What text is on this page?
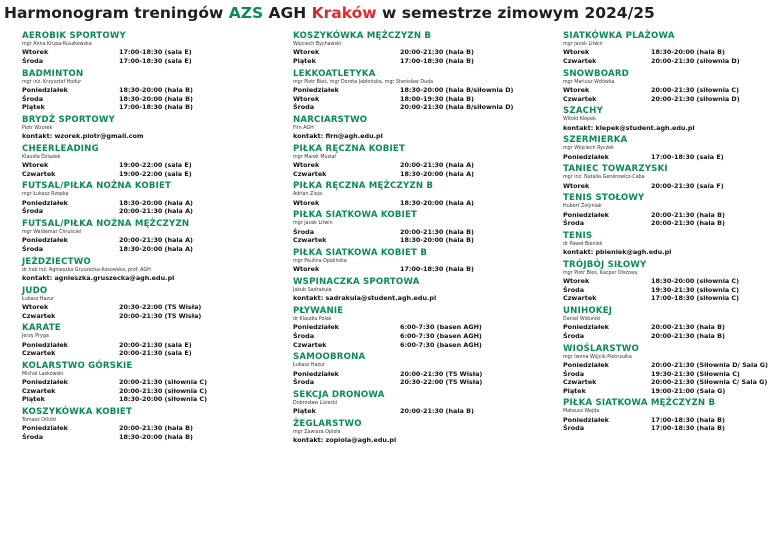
Harmonogram treningów AZS AGH Kraków w semestrze zimowym 2024/25
AEROBIK SPORTOWY
mgr Anna Krupa-Ruszkowska
Wtorek	17:00-18:30 (sala E)
Środa	17:00-18:30 (sala E)
BADMINTON
mgr inż. Krzysztof Hodur
Poniedziałek	18:30-20:00 (hala B)
Środa	18:30-20:00 (hala B)
Piątek	17:00-18:30 (hala B)
BRYDŻ SPORTOWY
Piotr Wzorek
kontakt: wzorek.piotr@gmail.com
CHEERLEADING
Klaudia Dziadek
Wtorek	19:00-22:00 (sala E)
Czwartek	19:00-22:00 (sala E)
FUTSAL/PIŁKA NOŻNA KOBIET
mgr Łukasz Rzepka
Poniedziałek	18:30-20:00 (hala A)
Środa	20:00-21:30 (hala A)
FUTSAL/PIŁKA NOŻNA MĘŻCZYZN
mgr Waldemar Chruściel
Poniedziałek	20:00-21:30 (hala A)
Środa	18:30-20:00 (hala A)
JEŹDZIECTWO
dr hab inż. Agnieszka Gruszecka-Kosowska, prof. AGH
kontakt: agnieszka.gruszecka@agh.edu.pl
JUDO
Łukasz Hazur
Wtorek	20:30-22:00 (TS Wisła)
Czwartek	20:00-21:30 (TS Wisła)
KARATE
Jerzy Pryga
Poniedziałek	20:00-21:30 (sala E)
Czwartek	20:00-21:30 (sala E)
KOLARSTWO GÓRSKIE
Michał Laskowski
Poniedziałek	20:00-21:30 (siłownia C)
Czwartek	20:00-21:30 (siłownia C)
Piątek	18:30-20:00 (siłownia C)
KOSZYKÓWKA KOBIET
Tomasz Orlicki
Poniedziałek	20:00-21:30 (hala B)
Środa	18:30-20:00 (hala B)
KOSZYKÓWKA MĘŻCZYZN B
Wojciech Bychawski
Wtorek	20:00-21:30 (hala B)
Piątek	17:00-18:30 (hala B)
LEKKOATLETYKA
mgr Piotr Bieś, mgr Dorota Jabłońska, mgr Stanisław Duda
Poniedziałek	18:30-20:00 (hala B/siłownia D)
Wtorek	18:00-19:30 (hala B)
Środa	20:00-21:30 (hala B/siłownia D)
NARCIARSTWO
Firn AGH
kontakt: firn@agh.edu.pl
PIŁKA RĘCZNA KOBIET
mgr Marek Musiał
Wtorek	20:00-21:30 (hala A)
Czwartek	18:30-20:00 (hala A)
PIŁKA RĘCZNA MĘŻCZYZN B
Adrian Zioja
Wtorek	18:30-20:00 (hala A)
PIŁKA SIATKOWA KOBIET
mgr Jacek Litwin
Środa	20:00-21:30 (hala B)
Czwartek	18:30-20:00 (hala B)
PIŁKA SIATKOWA KOBIET B
mgr Paulina Opalińska
Wtorek	17:00-18:30 (hala B)
WSPINACZKA SPORTOWA
Jakub Sadrakuła
kontakt: sadrakula@student.agh.edu.pl
PŁYWANIE
dr Klaudia Polak
Poniedziałek	6:00-7:30 (basen AGH)
Środa	6:00-7:30 (basen AGH)
Czwartek	6:00-7:30 (basen AGH)
SAMOOBRONA
Łukasz Hazur
Poniedziałek	20:00-21:30 (TS Wisła)
Środa	20:30-22:00 (TS Wisła)
SEKCJA DRONOWA
Dobrosław Lisiecki
Piątek	20:00-21:30 (hala B)
ŻEGLARSTWO
mgr Zawisza Opioła
kontakt: zopiola@agh.edu.pl
SIATKÓWKA PLAŻOWA
mgr Jacek Litwin
Wtorek	18:30-20:00 (hala B)
Czwartek	20:00-21:30 (siłownia D)
SNOWBOARD
mgr Mariusz Wdówka
Wtorek	20:00-21:30 (siłownia C)
Czwartek	20:00-21:30 (siłownia D)
SZACHY
Witold Klepek
kontakt: klepek@student.agh.edu.pl
SZERMIERKA
mgr Wojciech Ryczek
Poniedziałek	17:00-18:30 (sala E)
TANIEC TOWARZYSKI
mgr inż. Natalia Generowicz-Caba
Wtorek	20:00-21:30 (sala F)
TENIS STOŁOWY
Hubert Żołyniak
Poniedziałek	20:00-21:30 (hala B)
Środa	20:00-21:30 (hala B)
TENIS
dr Paweł Bieniek
kontakt: pbieniek@agh.edu.pl
TRÓJBÓJ SIŁOWY
mgr Piotr Bieś, Kacper Olszowy
Wtorek	18:30-20:00 (siłownia C)
Środa	19:30-21:30 (siłownia C)
Czwartek	17:00-18:30 (siłownia C)
UNIHOKEJ
Daniel Widurski
Poniedziałek	20:00-21:30 (hala B)
Środa	20:00-21:30 (hala B)
WIOŚLARSTWO
mgr Iwona Wójcik-Pietruszka
Poniedziałek	20:00-21:30 (Siłownia D/ Sala G)
Środa	19:30-21:30 (Siłownia C)
Czwartek	20:00-21:30 (Siłownia C/ Sala G)
Piątek	19:00-21:00 (Sala G)
PIŁKA SIATKOWA MĘŻCZYZN B
Mateusz Wajda
Poniedziałek	17:00-18:30 (hala B)
Środa	17:00-18:30 (hala B)
